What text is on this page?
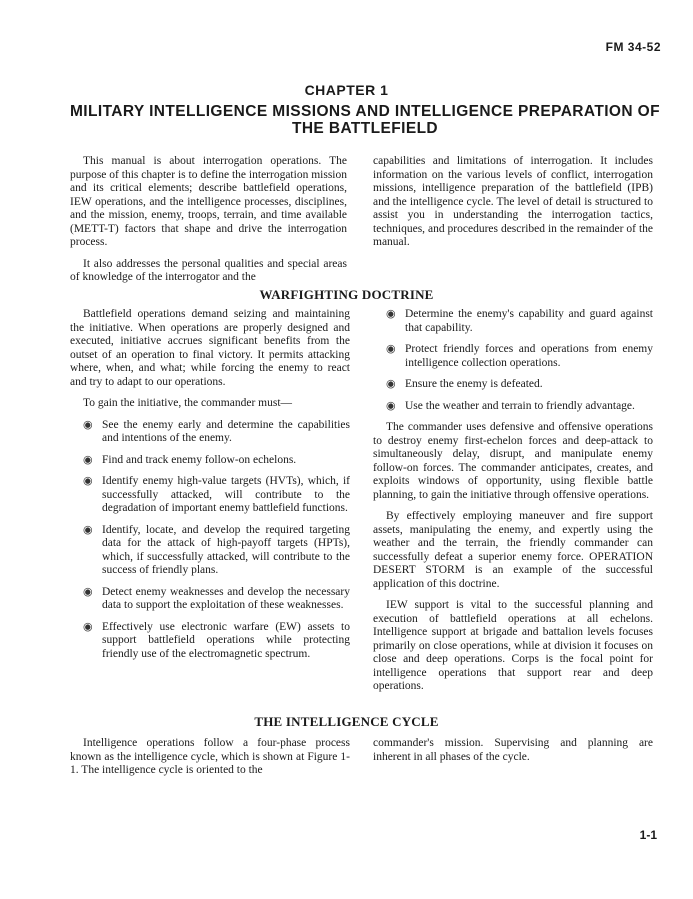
FM 34-52
CHAPTER 1
MILITARY INTELLIGENCE MISSIONS AND INTELLIGENCE PREPARATION OF THE BATTLEFIELD

This manual is about interrogation operations. The purpose of this chapter is to define the interrogation mission and its critical elements; describe battlefield operations, IEW operations, and the intelligence processes, disciplines, and the mission, enemy, troops, terrain, and time available (METT-T) factors that shape and drive the interrogation process.

It also addresses the personal qualities and special areas of knowledge of the interrogator and the

capabilities and limitations of interrogation. It includes information on the various levels of conflict, interrogation missions, intelligence preparation of the battlefield (IPB) and the intelligence cycle. The level of detail is structured to assist you in understanding the interrogation tactics, techniques, and procedures described in the remainder of the manual.

WARFIGHTING DOCTRINE

Battlefield operations demand seizing and maintaining the initiative. When operations are properly designed and executed, initiative accrues significant benefits from the outset of an operation to final victory. It permits attacking where, when, and what; while forcing the enemy to react and try to adapt to our operations.

To gain the initiative, the commander must—

◉ See the enemy early and determine the capabilities and intentions of the enemy.
◉ Find and track enemy follow-on echelons.
◉ Identify enemy high-value targets (HVTs), which, if successfully attacked, will contribute to the degradation of important enemy battlefield functions.
◉ Identify, locate, and develop the required targeting data for the attack of high-payoff targets (HPTs), which, if successfully attacked, will contribute to the success of friendly plans.
◉ Detect enemy weaknesses and develop the necessary data to support the exploitation of these weaknesses.
◉ Effectively use electronic warfare (EW) assets to support battlefield operations while protecting friendly use of the electromagnetic spectrum.
◉ Determine the enemy's capability and guard against that capability.
◉ Protect friendly forces and operations from enemy intelligence collection operations.
◉ Ensure the enemy is defeated.
◉ Use the weather and terrain to friendly advantage.

The commander uses defensive and offensive operations to destroy enemy first-echelon forces and deep-attack to simultaneously delay, disrupt, and manipulate enemy follow-on forces. The commander anticipates, creates, and exploits windows of opportunity, using flexible battle planning, to gain the initiative through offensive operations.

By effectively employing maneuver and fire support assets, manipulating the enemy, and expertly using the weather and the terrain, the friendly commander can successfully defeat a superior enemy force. OPERATION DESERT STORM is an example of the successful application of this doctrine.

IEW support is vital to the successful planning and execution of battlefield operations at all echelons. Intelligence support at brigade and battalion levels focuses primarily on close operations, while at division it focuses on close and deep operations. Corps is the focal point for intelligence operations that support rear and deep operations.

THE INTELLIGENCE CYCLE

Intelligence operations follow a four-phase process known as the intelligence cycle, which is shown at Figure 1-1. The intelligence cycle is oriented to the

commander's mission. Supervising and planning are inherent in all phases of the cycle.

1-1
